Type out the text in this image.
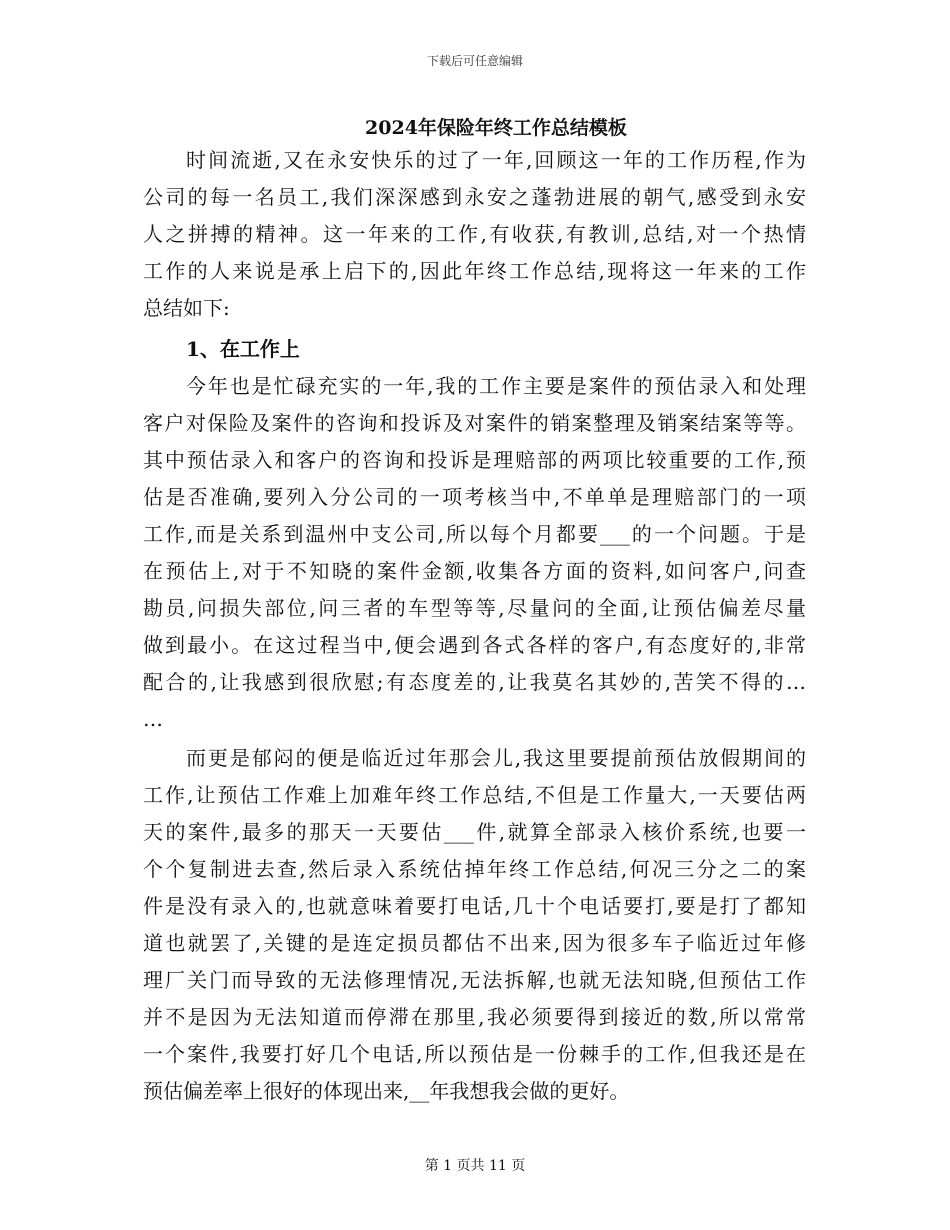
下载后可任意编辑
2024年保险年终工作总结模板
时间流逝,又在永安快乐的过了一年,回顾这一年的工作历程,作为
公司的每一名员工,我们深深感到永安之蓬勃进展的朝气,感受到永安
人之拼搏的精神。这一年来的工作,有收获,有教训,总结,对一个热情
工作的人来说是承上启下的,因此年终工作总结,现将这一年来的工作
总结如下:
1、在工作上
今年也是忙碌充实的一年,我的工作主要是案件的预估录入和处理
客户对保险及案件的咨询和投诉及对案件的销案整理及销案结案等等。
其中预估录入和客户的咨询和投诉是理赔部的两项比较重要的工作,预
估是否准确,要列入分公司的一项考核当中,不单单是理赔部门的一项
工作,而是关系到温州中支公司,所以每个月都要___的一个问题。于是
在预估上,对于不知晓的案件金额,收集各方面的资料,如问客户,问查
勘员,问损失部位,问三者的车型等等,尽量问的全面,让预估偏差尽量
做到最小。在这过程当中,便会遇到各式各样的客户,有态度好的,非常
配合的,让我感到很欣慰;有态度差的,让我莫名其妙的,苦笑不得的…
…
而更是郁闷的便是临近过年那会儿,我这里要提前预估放假期间的
工作,让预估工作难上加难年终工作总结,不但是工作量大,一天要估两
天的案件,最多的那天一天要估___件,就算全部录入核价系统,也要一
个个复制进去查,然后录入系统估掉年终工作总结,何况三分之二的案
件是没有录入的,也就意味着要打电话,几十个电话要打,要是打了都知
道也就罢了,关键的是连定损员都估不出来,因为很多车子临近过年修
理厂关门而导致的无法修理情况,无法拆解,也就无法知晓,但预估工作
并不是因为无法知道而停滞在那里,我必须要得到接近的数,所以常常
一个案件,我要打好几个电话,所以预估是一份棘手的工作,但我还是在
预估偏差率上很好的体现出来,__年我想我会做的更好。
第 1 页共 11 页
